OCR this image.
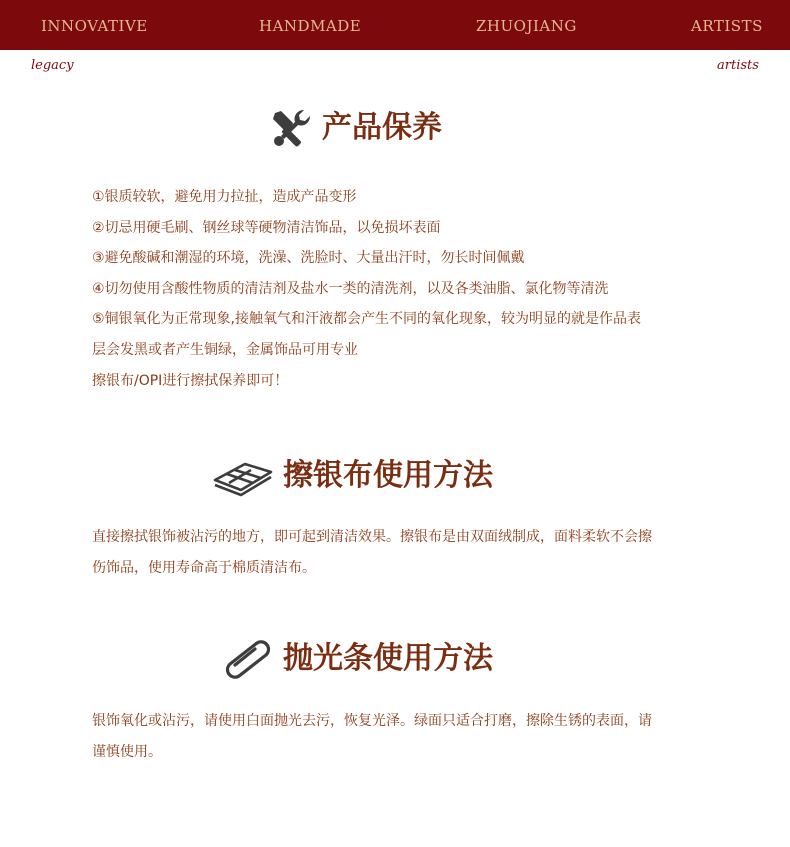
INNOVATIVE	HANDMADE	ZHUOJIANG	ARTISTS
legacy	artists
产品保养
①银质较软，避免用力拉扯，造成产品变形
②切忌用硬毛刷、钢丝球等硬物清洁饰品，以免损坏表面
③避免酸碱和潮湿的环境，洗澡、洗脸时、大量出汗时，勿长时间佩戴
④切勿使用含酸性物质的清洁剂及盐水一类的清洗剂，以及各类油脂、氯化物等清洗
⑤铜银氧化为正常现象,接触氧气和汗液都会产生不同的氧化现象，较为明显的就是作品表
层会发黑或者产生铜绿，金属饰品可用专业
擦银布/OPI进行擦拭保养即可！
擦银布使用方法
直接擦拭银饰被沾污的地方，即可起到清洁效果。擦银布是由双面绒制成，面料柔软不会擦
伤饰品，使用寿命高于棉质清洁布。
抛光条使用方法
银饰氧化或沾污，请使用白面抛光去污，恢复光泽。绿面只适合打磨，擦除生锈的表面，请
谨慎使用。
